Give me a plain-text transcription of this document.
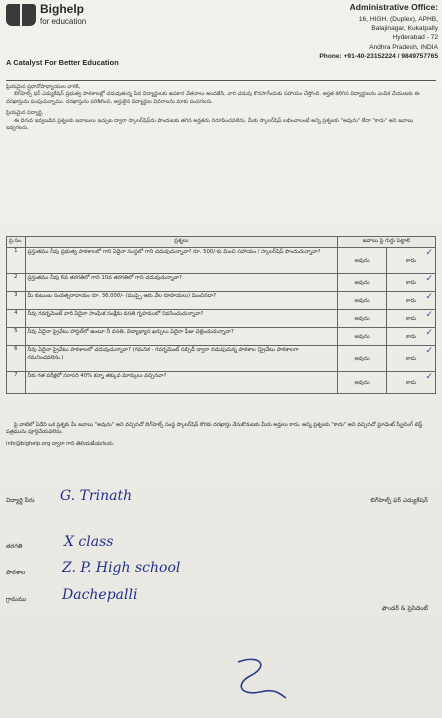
Bighelp
for education
A Catalyst For Better Education
Administrative Office:
16, HIGH. (Duplex), APHB,
Balajinagar, Kukatpally
Hyderabad - 72
Andhra Pradesh, INDIA
Phone: +91-40-23152224 / 9849757765

ప్రియమైన ప్రధానోపాధ్యాయుల వారికి,

బిగ్‌హెల్ప్ ఫర్ ఎడ్యుకేషన్ ప్రభుత్వ పాఠశాలల్లో చదువుతున్న పేద విద్యార్థులకు ఉపకార వేతనాలు అందజేసి, వారి చదువు కొనసాగేందుకు సహాయం చేస్తోంది. అర్హత కలిగిన విద్యార్థులను ఎంపిక చేయుటకు ఈ దరఖాస్తును పంపుచున్నాము. దరఖాస్తును పరిశీలించి, అర్హులైన విద్యార్థుల వివరాలను మాకు పంపగలరు.

ప్రియమైన విద్యార్థి,

ఈ దిగువ ఇవ్వబడిన ప్రశ్నలకు జవాబులు ఇచ్చుట ద్వారా స్కాలర్‌షిప్‌ను పొందుటకు తగిన అర్హతను నిరూపించవలెను. మీకు స్కాలర్‌షిప్ లభించాలంటే అన్ని ప్రశ్నలకు "అవును" లేదా "కాదు" అని జవాబు ఇవ్వగలరు.

ప్ర.సం.	ప్రశ్నలు	జవాబు పై గుర్తు పెట్టాలి	
1	ప్రస్తుతము నీవు ప్రభుత్వ పాఠశాలలో గాని ఏదైనా సంస్థలో గాని చదువుచున్నావా? రూ. 500/-కు మించి సహాయం / స్కాలర్‌షిప్ పొందుచున్నావా?	అవును	కాదు
✓

2	ప్రస్తుతము నీవు 6వ తరగతిలో గాని 10వ తరగతిలో గాని చదువుచున్నావా?	అవును	కాదు ✓

3	మీ కుటుంబ సంవత్సరాదాయం రూ. 36,000/- (ముప్పై ఆరు వేల రూపాయలు) మించినదా?	అవును	కాదు ✓

4	నీవు గవర్నమెంట్ వారి ఏదైనా సాంఘిక సంక్షేమ వసతి గృహములో నివసించుచున్నావా?	అవును	కాదు ✓

5	నీవు ఏదైనా ప్రైవేటు హాస్టల్‌లో ఉంటూ నీ వసతి, విద్యాభ్యాస ఖర్చులు ఏదైనా ఫీజు చెల్లించుచున్నావా?	అవును	కాదు ✓

6	నీవు ఏదైనా ప్రైవేటు పాఠశాలలో చదువుచున్నావా? (గమనిక - గవర్నమెంట్ సబ్సిడీ ద్వారా నడుపుచున్న పాఠశాల (ప్రైవేటు పాఠశాలగా గమనించవలెను.)	అవును	కాదు
✓

7	నీకు గత పరీక్షలో సరాసరి 40% కన్నా తక్కువ మార్కులు వచ్చినవా?	అవును	కాదు
✓

పై వాటిలో ఏదేని ఒక ప్రశ్నకు మీ జవాబు "అవును" అని వచ్చినచో బిగ్‌హెల్ప్ సంస్థ స్కాలర్‌షిప్ కొరకు దరఖాస్తు చేసుకొనుటకు మీరు అర్హులు కారు. అన్ని ప్రశ్నలకు "కాదు" అని వచ్చినచో స్టూడెంట్ స్క్రీనింగ్ టెస్ట్ పత్రమును పూర్తిచేయవలెను.

info@bighelp.org ద్వారా గాని తెలియజేయగలరు.

విద్యార్థి పేరు G. Trinath
తరగతి	X class
పాఠశాల	Z. P. High school
గ్రామము	Dachepalli
బిగ్‌హెల్ప్ ఫర్ ఎడ్యుకేషన్
ఫౌండర్ & ప్రెసిడెంట్
